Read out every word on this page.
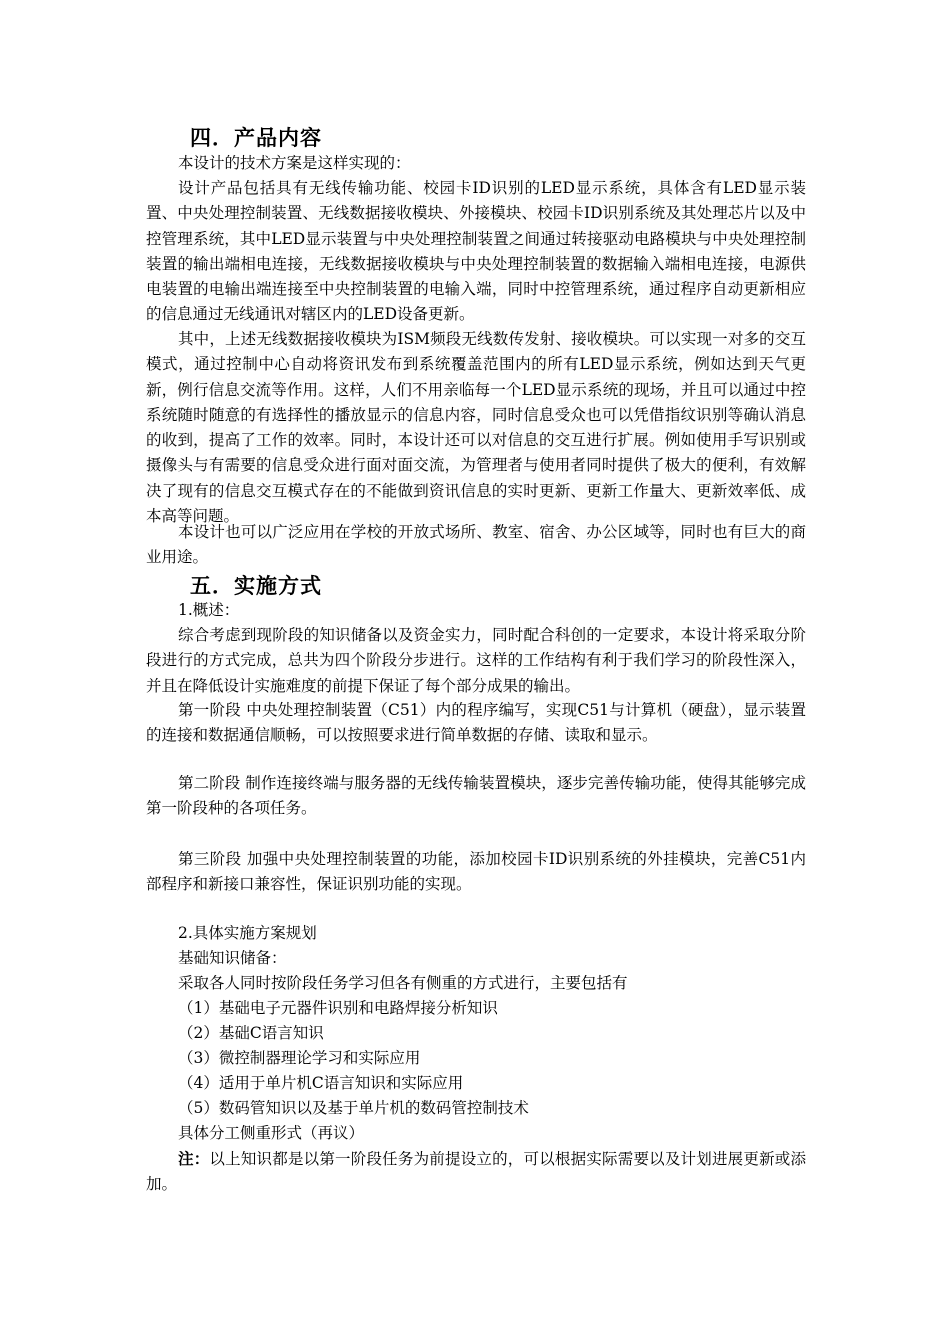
四．产品内容

本设计的技术方案是这样实现的：

设计产品包括具有无线传输功能、校园卡ID识别的LED显示系统，具体含有LED显示装置、中央处理控制装置、无线数据接收模块、外接模块、校园卡ID识别系统及其处理芯片以及中控管理系统，其中LED显示装置与中央处理控制装置之间通过转接驱动电路模块与中央处理控制装置的输出端相电连接，无线数据接收模块与中央处理控制装置的数据输入端相电连接，电源供电装置的电输出端连接至中央控制装置的电输入端，同时中控管理系统，通过程序自动更新相应的信息通过无线通讯对辖区内的LED设备更新。

其中，上述无线数据接收模块为ISM频段无线数传发射、接收模块。可以实现一对多的交互模式，通过控制中心自动将资讯发布到系统覆盖范围内的所有LED显示系统，例如达到天气更新，例行信息交流等作用。这样，人们不用亲临每一个LED显示系统的现场，并且可以通过中控系统随时随意的有选择性的播放显示的信息内容，同时信息受众也可以凭借指纹识别等确认消息的收到，提高了工作的效率。同时，本设计还可以对信息的交互进行扩展。例如使用手写识别或摄像头与有需要的信息受众进行面对面交流，为管理者与使用者同时提供了极大的便利，有效解决了现有的信息交互模式存在的不能做到资讯信息的实时更新、更新工作量大、更新效率低、成本高等问题。

本设计也可以广泛应用在学校的开放式场所、教室、宿舍、办公区域等，同时也有巨大的商业用途。

五．实施方式

1.概述：

综合考虑到现阶段的知识储备以及资金实力，同时配合科创的一定要求，本设计将采取分阶段进行的方式完成，总共为四个阶段分步进行。这样的工作结构有利于我们学习的阶段性深入，并且在降低设计实施难度的前提下保证了每个部分成果的输出。

第一阶段 中央处理控制装置（C51）内的程序编写，实现C51与计算机（硬盘），显示装置的连接和数据通信顺畅，可以按照要求进行简单数据的存储、读取和显示。

第二阶段 制作连接终端与服务器的无线传输装置模块，逐步完善传输功能，使得其能够完成第一阶段种的各项任务。

第三阶段 加强中央处理控制装置的功能，添加校园卡ID识别系统的外挂模块，完善C51内部程序和新接口兼容性，保证识别功能的实现。

2.具体实施方案规划

基础知识储备：

采取各人同时按阶段任务学习但各有侧重的方式进行，主要包括有

（1）基础电子元器件识别和电路焊接分析知识

（2）基础C语言知识

（3）微控制器理论学习和实际应用

（4）适用于单片机C语言知识和实际应用

（5）数码管知识以及基于单片机的数码管控制技术

具体分工侧重形式（再议）

注：以上知识都是以第一阶段任务为前提设立的，可以根据实际需要以及计划进展更新或添加。
